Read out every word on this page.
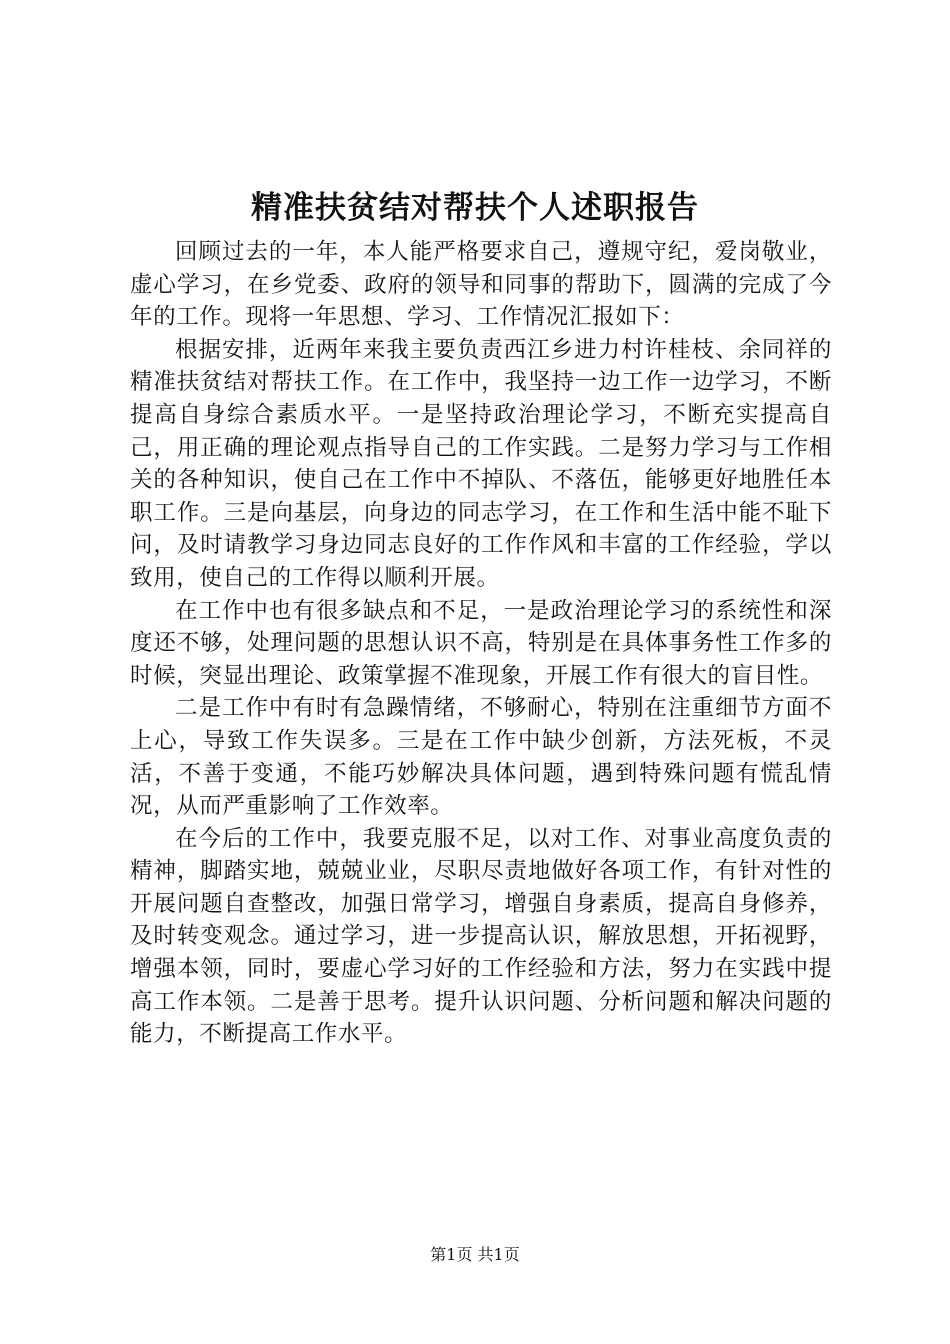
精准扶贫结对帮扶个人述职报告

回顾过去的一年，本人能严格要求自己，遵规守纪，爱岗敬业，虚心学习，在乡党委、政府的领导和同事的帮助下，圆满的完成了今年的工作。现将一年思想、学习、工作情况汇报如下：

根据安排，近两年来我主要负责西江乡进力村许桂枝、余同祥的精准扶贫结对帮扶工作。在工作中，我坚持一边工作一边学习，不断提高自身综合素质水平。一是坚持政治理论学习，不断充实提高自己，用正确的理论观点指导自己的工作实践。二是努力学习与工作相关的各种知识，使自己在工作中不掉队、不落伍，能够更好地胜任本职工作。三是向基层，向身边的同志学习，在工作和生活中能不耻下问，及时请教学习身边同志良好的工作作风和丰富的工作经验，学以致用，使自己的工作得以顺利开展。

在工作中也有很多缺点和不足，一是政治理论学习的系统性和深度还不够，处理问题的思想认识不高，特别是在具体事务性工作多的时候，突显出理论、政策掌握不准现象，开展工作有很大的盲目性。

二是工作中有时有急躁情绪，不够耐心，特别在注重细节方面不上心，导致工作失误多。三是在工作中缺少创新，方法死板，不灵活，不善于变通，不能巧妙解决具体问题，遇到特殊问题有慌乱情况，从而严重影响了工作效率。

在今后的工作中，我要克服不足，以对工作、对事业高度负责的精神，脚踏实地，兢兢业业，尽职尽责地做好各项工作，有针对性的开展问题自查整改，加强日常学习，增强自身素质，提高自身修养，及时转变观念。通过学习，进一步提高认识，解放思想，开拓视野，增强本领，同时，要虚心学习好的工作经验和方法，努力在实践中提高工作本领。二是善于思考。提升认识问题、分析问题和解决问题的能力，不断提高工作水平。

第1页 共1页
